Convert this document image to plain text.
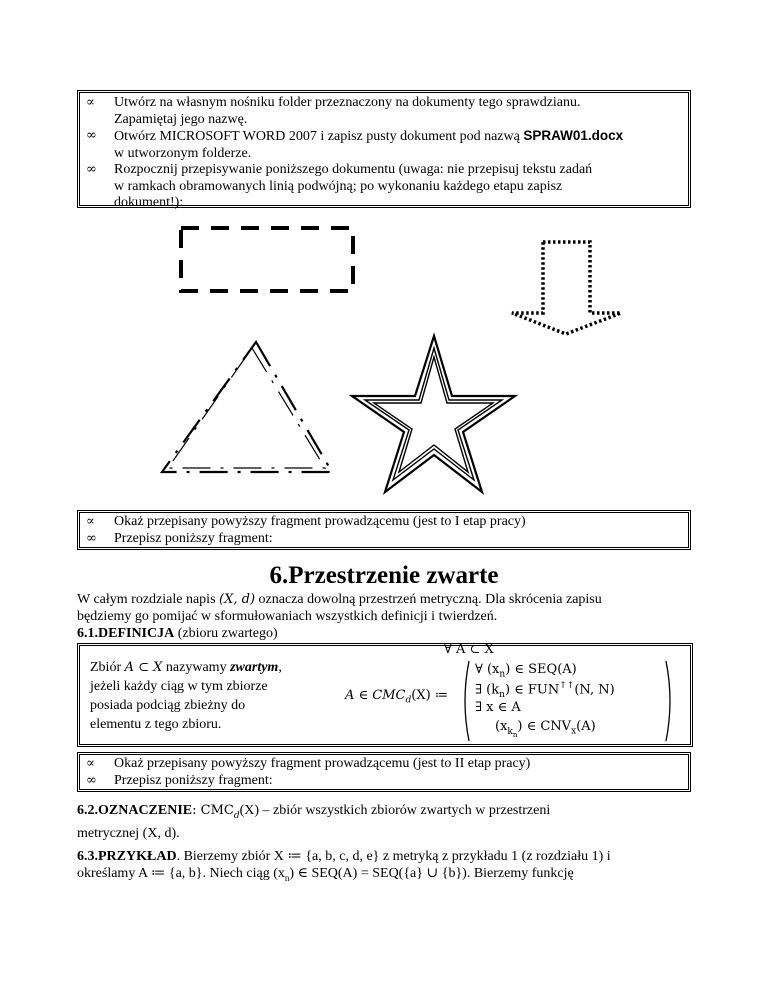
∝ Utwórz na własnym nośniku folder przeznaczony na dokumenty tego sprawdzianu.
Zapamiętaj jego nazwę.
∞ Otwórz MICROSOFT WORD 2007 i zapisz pusty dokument pod nazwą SPRAW01.docx
w utworzonym folderze.
∞ Rozpocznij przepisywanie poniższego dokumentu (uwaga: nie przepisuj tekstu zadań
w ramkach obramowanych linią podwójną; po wykonaniu każdego etapu zapisz
dokument!):
∝ Okaż przepisany powyższy fragment prowadzącemu (jest to I etap pracy)
∞ Przepisz poniższy fragment:
6.Przestrzenie zwarte
W całym rozdziale napis (X, d) oznacza dowolną przestrzeń metryczną. Dla skrócenia zapisu
będziemy go pomijać w sformułowaniach wszystkich definicji i twierdzeń.
6.1.DEFINICJA (zbioru zwartego)
Zbiór A ⊂ X nazywamy zwartym,
jeżeli każdy ciąg w tym zbiorze
posiada podciąg zbieżny do
elementu z tego zbioru.
∀ A ⊂ X
A ∈ $CMC_d(X)$ ≔
∀ $(x_n)$ ∈ SEQ(A)
∃ $(k_n)$ ∈ FUN↑↑(N, N)
∃ x ∈ A
$(x_{k_n})$ ∈ $CNV_x(A)$
∝ Okaż przepisany powyższy fragment prowadzącemu (jest to II etap pracy)
∞ Przepisz poniższy fragment:
6.2.OZNACZENIE: $CMC_d(X)$ – zbiór wszystkich zbiorów zwartych w przestrzeni
metrycznej (X, d).
6.3.PRZYKŁAD. Bierzemy zbiór X ≔ {a, b, c, d, e} z metryką z przykładu 1 (z rozdziału 1) i
określamy A ≔ {a, b}. Niech ciąg $(x_n)$ ∈ SEQ(A) = SEQ({a} ∪ {b}). Bierzemy funkcję
